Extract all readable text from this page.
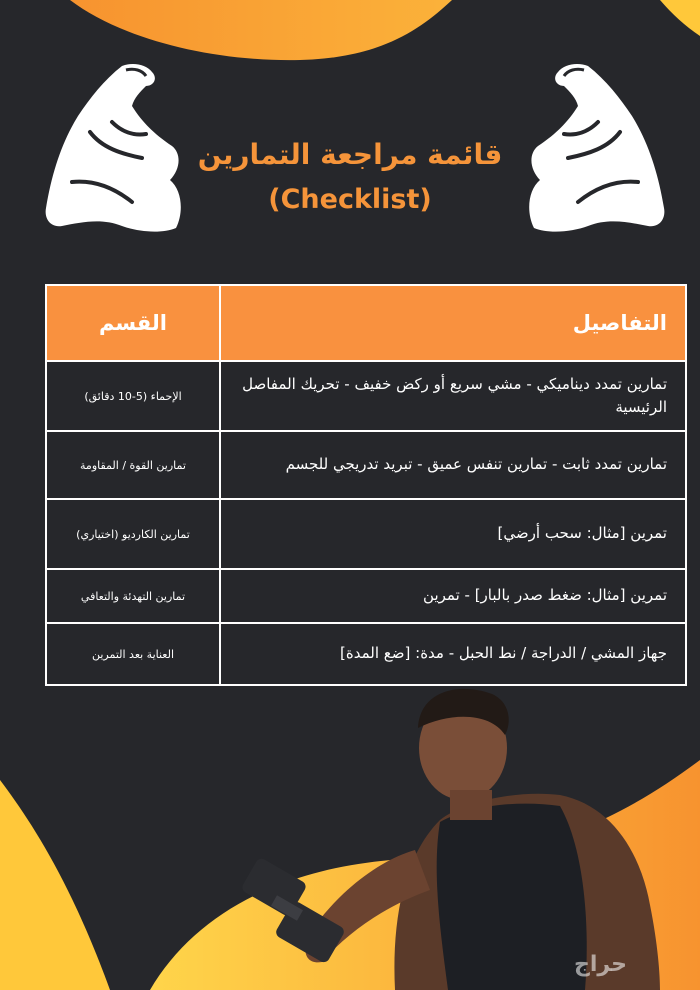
قائمة مراجعة التمارين
(Checklist)
التفاصيل	القسم
تمارين تمدد ديناميكي - مشي سريع أو ركض خفيف - تحريك المفاصل الرئيسية	الإحماء (5-10 دقائق)
تمارين تمدد ثابت - تمارين تنفس عميق - تبريد تدريجي للجسم	تمارين القوة / المقاومة
تمرين [مثال: سحب أرضي]	تمارين الكارديو (اختياري)
تمرين [مثال: ضغط صدر بالبار] - تمرين	تمارين التهدئة والتعافي
جهاز المشي / الدراجة / نط الحبل - مدة: [ضع المدة]	العناية بعد التمرين
حراج
